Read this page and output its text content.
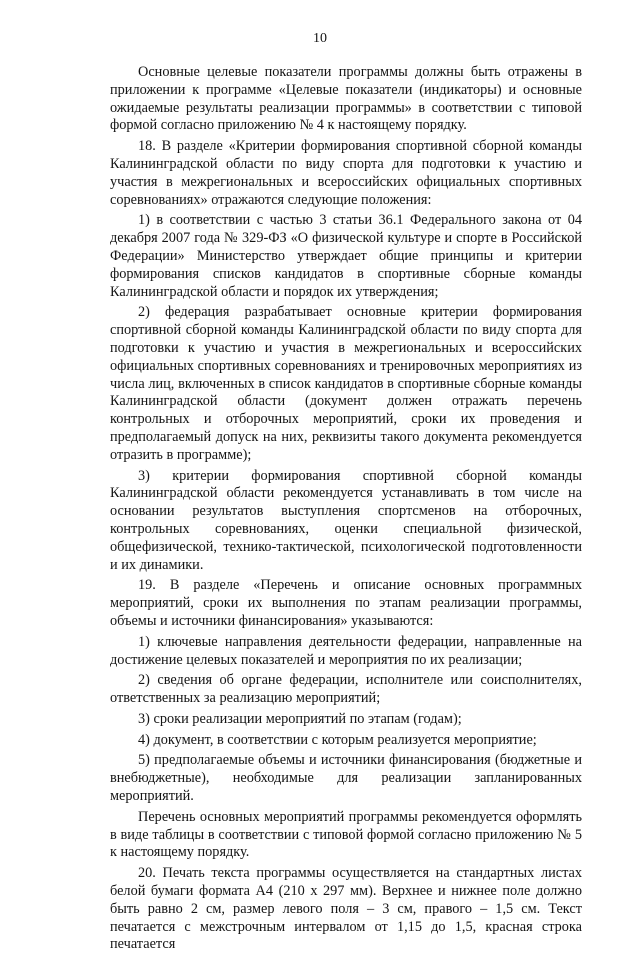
10

Основные целевые показатели программы должны быть отражены в приложении к программе «Целевые показатели (индикаторы) и основные ожидаемые результаты реализации программы» в соответствии с типовой формой согласно приложению № 4 к настоящему порядку.

18. В разделе «Критерии формирования спортивной сборной команды Калининградской области по виду спорта для подготовки к участию и участия в межрегиональных и всероссийских официальных спортивных соревнованиях» отражаются следующие положения:

1) в соответствии с частью 3 статьи 36.1 Федерального закона от 04 декабря 2007 года № 329-ФЗ «О физической культуре и спорте в Российской Федерации» Министерство утверждает общие принципы и критерии формирования списков кандидатов в спортивные сборные команды Калининградской области и порядок их утверждения;

2) федерация разрабатывает основные критерии формирования спортивной сборной команды Калининградской области по виду спорта для подготовки к участию и участия в межрегиональных и всероссийских официальных спортивных соревнованиях и тренировочных мероприятиях из числа лиц, включенных в список кандидатов в спортивные сборные команды Калининградской области (документ должен отражать перечень контрольных и отборочных мероприятий, сроки их проведения и предполагаемый допуск на них, реквизиты такого документа рекомендуется отразить в программе);

3) критерии формирования спортивной сборной команды Калининградской области рекомендуется устанавливать в том числе на основании результатов выступления спортсменов на отборочных, контрольных соревнованиях, оценки специальной физической, общефизической, технико-тактической, психологической подготовленности и их динамики.

19. В разделе «Перечень и описание основных программных мероприятий, сроки их выполнения по этапам реализации программы, объемы и источники финансирования» указываются:

1) ключевые направления деятельности федерации, направленные на достижение целевых показателей и мероприятия по их реализации;

2) сведения об органе федерации, исполнителе или соисполнителях, ответственных за реализацию мероприятий;

3) сроки реализации мероприятий по этапам (годам);

4) документ, в соответствии с которым реализуется мероприятие;

5) предполагаемые объемы и источники финансирования (бюджетные и внебюджетные), необходимые для реализации запланированных мероприятий.

Перечень основных мероприятий программы рекомендуется оформлять в виде таблицы в соответствии с типовой формой согласно приложению № 5 к настоящему порядку.

20. Печать текста программы осуществляется на стандартных листах белой бумаги формата А4 (210 х 297 мм). Верхнее и нижнее поле должно быть равно 2 см, размер левого поля – 3 см, правого – 1,5 см. Текст печатается с межстрочным интервалом от 1,15 до 1,5, красная строка печатается
